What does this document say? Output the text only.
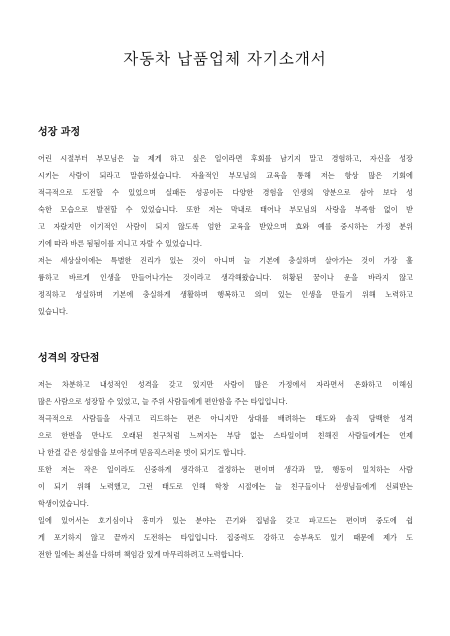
자동차 납품업체 자기소개서
성장 과정
어린 시절부터 부모님은 늘 제게 하고 싶은 일이라면 후회를 남기지 말고 경험하고, 자신을 성장
시키는 사람이 되라고 말씀하셨습니다. 자율적인 부모님의 교육을 통해 저는 항상 많은 기회에
적극적으로 도전할 수 있었으며 실패든 성공이든 다양한 경험을 인생의 양분으로 삼아 보다 성
숙한 모습으로 발전할 수 있었습니다. 또한 저는 막내로 태어나 부모님의 사랑을 부족함 없이 받
고 자랐지만 이기적인 사람이 되지 않도록 엄한 교육을 받았으며 효와 예를 중시하는 가정 분위
기에 따라 바른 됨됨이를 지니고 자랄 수 있었습니다.
저는 세상살이에는 특별한 진리가 있는 것이 아니며 늘 기본에 충실하며 살아가는 것이 가장 훌
륭하고 바르게 인생을 만들어나가는 것이라고 생각해왔습니다. 허황된 꿈이나 운을 바라지 않고
정직하고 성실하며 기본에 충실하게 생활하며 행복하고 의미 있는 인생을 만들기 위해 노력하고
있습니다.
성격의 장단점
저는 차분하고 내성적인 성격을 갖고 있지만 사람이 많은 가정에서 자라면서 온화하고 이해심
많은 사람으로 성장할 수 있었고, 늘 주위 사람들에게 편안함을 주는 타입입니다.
적극적으로 사람들을 사귀고 리드하는 편은 아니지만 상대를 배려하는 태도와 솔직 담백한 성격
으로 한번을 만나도 오래된 친구처럼 느껴지는 부담 없는 스타일이며 친해진 사람들에게는 언제
나 한결 같은 성실함을 보여주며 믿음직스러운 벗이 되기도 합니다.
또한 저는 작은 일이라도 신중하게 생각하고 결정하는 편이며 생각과 말, 행동이 일치하는 사람
이 되기 위해 노력했고, 그런 태도로 인해 학창 시절에는 늘 친구들이나 선생님들에게 신뢰받는
학생이었습니다.
일에 있어서는 호기심이나 흥미가 있는 분야는 끈기와 집념을 갖고 파고드는 편이며 중도에 쉽
게 포기하지 않고 끝까지 도전하는 타입입니다. 집중력도 강하고 승부욕도 있기 때문에 제가 도
전한 일에는 최선을 다하며 책임감 있게 마무리하려고 노력합니다.
